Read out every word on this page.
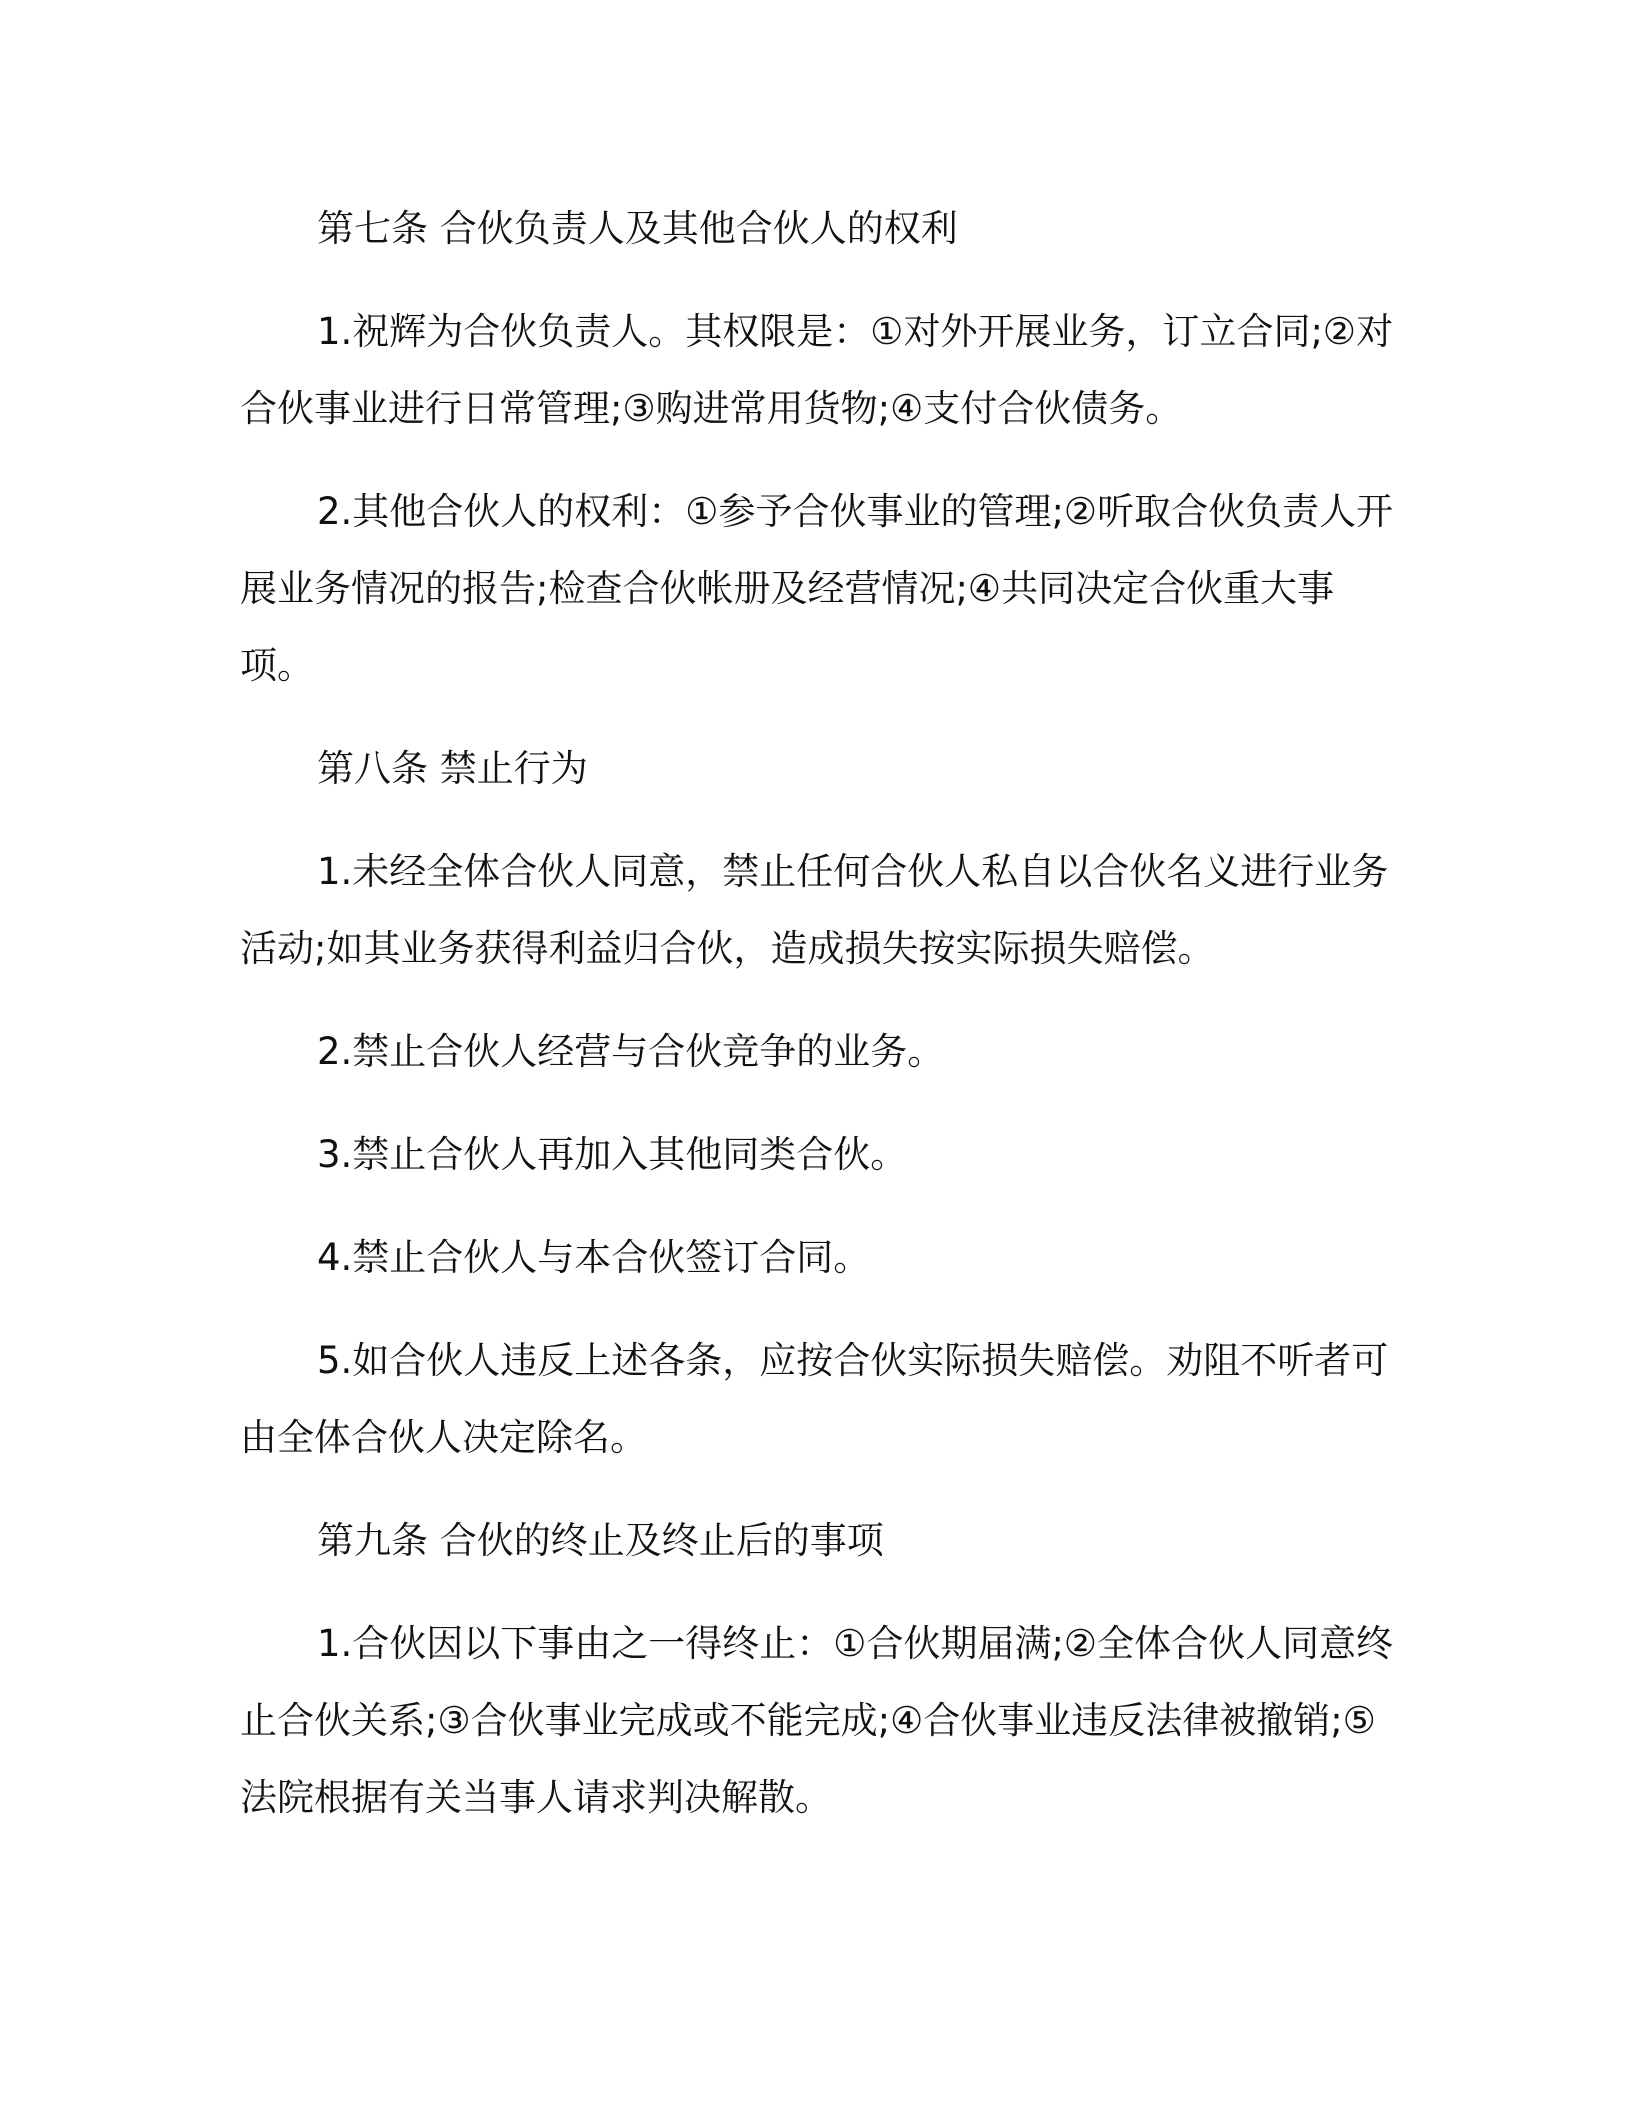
第七条 合伙负责人及其他合伙人的权利

1.祝辉为合伙负责人。其权限是：①对外开展业务，订立合同;②对合伙事业进行日常管理;③购进常用货物;④支付合伙债务。

2.其他合伙人的权利：①参予合伙事业的管理;②听取合伙负责人开展业务情况的报告;检查合伙帐册及经营情况;④共同决定合伙重大事项。

第八条 禁止行为

1.未经全体合伙人同意，禁止任何合伙人私自以合伙名义进行业务活动;如其业务获得利益归合伙，造成损失按实际损失赔偿。

2.禁止合伙人经营与合伙竞争的业务。

3.禁止合伙人再加入其他同类合伙。

4.禁止合伙人与本合伙签订合同。

5.如合伙人违反上述各条，应按合伙实际损失赔偿。劝阻不听者可由全体合伙人决定除名。

第九条 合伙的终止及终止后的事项

1.合伙因以下事由之一得终止：①合伙期届满;②全体合伙人同意终止合伙关系;③合伙事业完成或不能完成;④合伙事业违反法律被撤销;⑤法院根据有关当事人请求判决解散。
